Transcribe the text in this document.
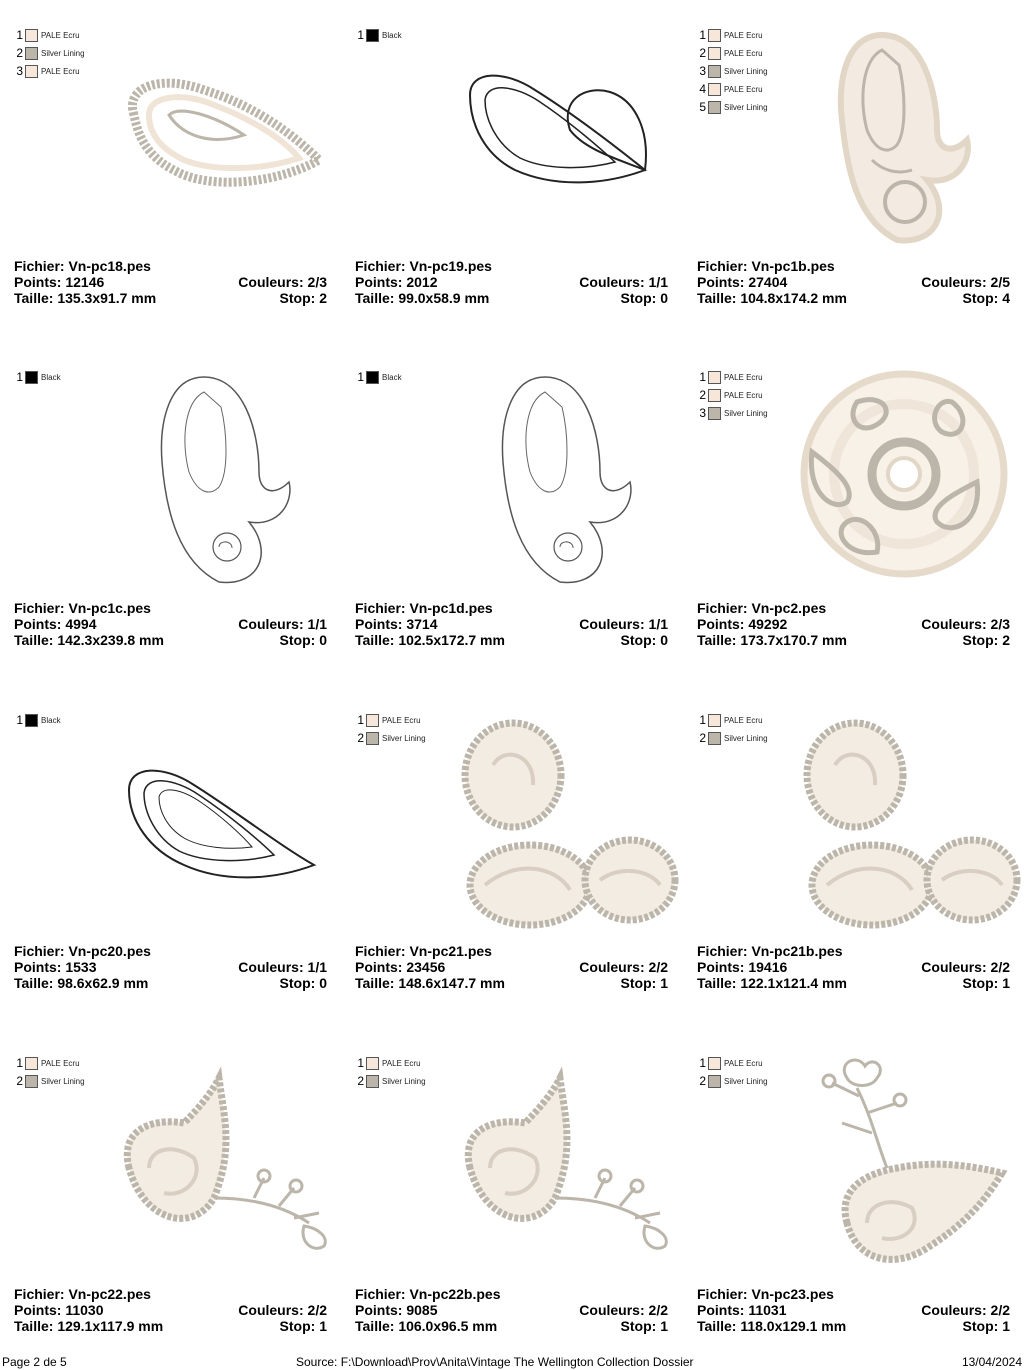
1 PALE Ecru
2 Silver Lining
3 PALE Ecru
Fichier: Vn-pc18.pes
Points: 12146	Couleurs: 2/3
Taille: 135.3x91.7 mm	Stop: 2
1 Black
Fichier: Vn-pc19.pes
Points: 2012	Couleurs: 1/1
Taille: 99.0x58.9 mm	Stop: 0
1 PALE Ecru
2 PALE Ecru
3 Silver Lining
4 PALE Ecru
5 Silver Lining
Fichier: Vn-pc1b.pes
Points: 27404	Couleurs: 2/5
Taille: 104.8x174.2 mm	Stop: 4
1 Black
Fichier: Vn-pc1c.pes
Points: 4994	Couleurs: 1/1
Taille: 142.3x239.8 mm	Stop: 0
1 Black
Fichier: Vn-pc1d.pes
Points: 3714	Couleurs: 1/1
Taille: 102.5x172.7 mm	Stop: 0
1 PALE Ecru
2 PALE Ecru
3 Silver Lining
Fichier: Vn-pc2.pes
Points: 49292	Couleurs: 2/3
Taille: 173.7x170.7 mm	Stop: 2
1 Black
Fichier: Vn-pc20.pes
Points: 1533	Couleurs: 1/1
Taille: 98.6x62.9 mm	Stop: 0
1 PALE Ecru
2 Silver Lining
Fichier: Vn-pc21.pes
Points: 23456	Couleurs: 2/2
Taille: 148.6x147.7 mm	Stop: 1
1 PALE Ecru
2 Silver Lining
Fichier: Vn-pc21b.pes
Points: 19416	Couleurs: 2/2
Taille: 122.1x121.4 mm	Stop: 1
1 PALE Ecru
2 Silver Lining
Fichier: Vn-pc22.pes
Points: 11030	Couleurs: 2/2
Taille: 129.1x117.9 mm	Stop: 1
1 PALE Ecru
2 Silver Lining
Fichier: Vn-pc22b.pes
Points: 9085	Couleurs: 2/2
Taille: 106.0x96.5 mm	Stop: 1
1 PALE Ecru
2 Silver Lining
Fichier: Vn-pc23.pes
Points: 11031	Couleurs: 2/2
Taille: 118.0x129.1 mm	Stop: 1
Page 2 de 5	Source: F:\Download\Prov\Anita\Vintage The Wellington Collection Dossier	13/04/2024
